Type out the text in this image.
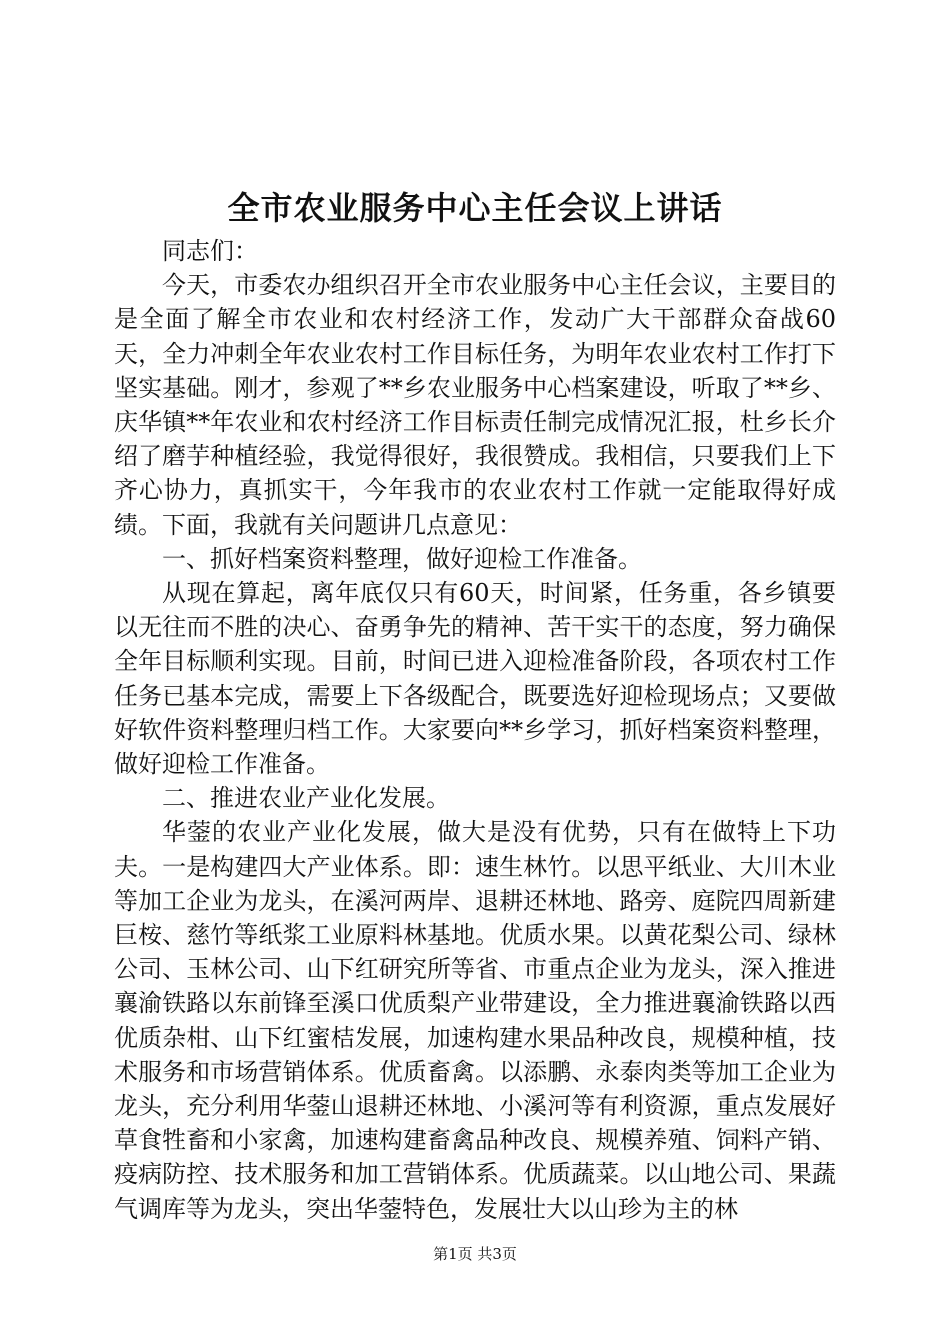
全市农业服务中心主任会议上讲话

同志们：

今天，市委农办组织召开全市农业服务中心主任会议，主要目的是全面了解全市农业和农村经济工作，发动广大干部群众奋战60天，全力冲刺全年农业农村工作目标任务，为明年农业农村工作打下坚实基础。刚才，参观了**乡农业服务中心档案建设，听取了**乡、庆华镇**年农业和农村经济工作目标责任制完成情况汇报，杜乡长介绍了磨芋种植经验，我觉得很好，我很赞成。我相信，只要我们上下齐心协力，真抓实干，今年我市的农业农村工作就一定能取得好成绩。下面，我就有关问题讲几点意见：

一、抓好档案资料整理，做好迎检工作准备。

从现在算起，离年底仅只有60天，时间紧，任务重，各乡镇要以无往而不胜的决心、奋勇争先的精神、苦干实干的态度，努力确保全年目标顺利实现。目前，时间已进入迎检准备阶段，各项农村工作任务已基本完成，需要上下各级配合，既要选好迎检现场点；又要做好软件资料整理归档工作。大家要向**乡学习，抓好档案资料整理，做好迎检工作准备。

二、推进农业产业化发展。

华蓥的农业产业化发展，做大是没有优势，只有在做特上下功夫。一是构建四大产业体系。即：速生林竹。以思平纸业、大川木业等加工企业为龙头，在溪河两岸、退耕还林地、路旁、庭院四周新建巨桉、慈竹等纸浆工业原料林基地。优质水果。以黄花梨公司、绿林公司、玉林公司、山下红研究所等省、市重点企业为龙头，深入推进襄渝铁路以东前锋至溪口优质梨产业带建设，全力推进襄渝铁路以西优质杂柑、山下红蜜桔发展，加速构建水果品种改良，规模种植，技术服务和市场营销体系。优质畜禽。以添鹏、永泰肉类等加工企业为龙头，充分利用华蓥山退耕还林地、小溪河等有利资源，重点发展好草食牲畜和小家禽，加速构建畜禽品种改良、规模养殖、饲料产销、疫病防控、技术服务和加工营销体系。优质蔬菜。以山地公司、果蔬气调库等为龙头，突出华蓥特色，发展壮大以山珍为主的林

第1页 共3页
